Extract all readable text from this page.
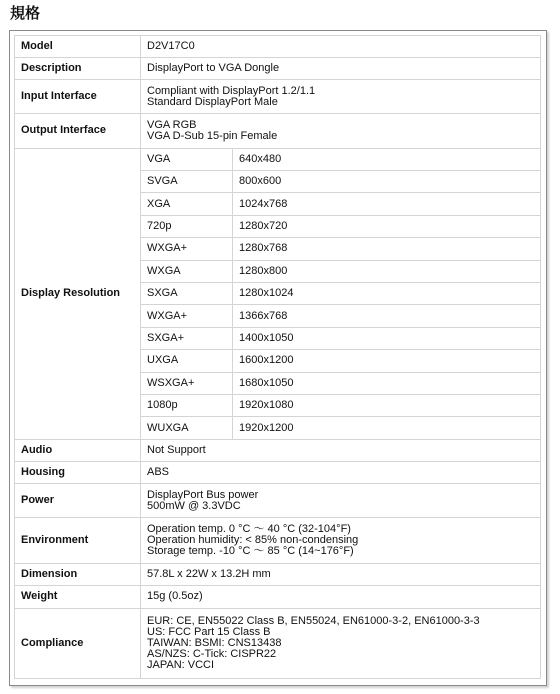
規格
Model	D2V17C0	

Description	DisplayPort to VGA Dongle	

Input Interface	Compliant with DisplayPort 1.2/1.1
Standard DisplayPort Male	

Output Interface	VGA RGB
VGA D-Sub 15-pin Female	

Display Resolution	VGA	640x480
	SVGA	800x600
	XGA	1024x768
	720p	1280x720
	WXGA+	1280x768
	WXGA	1280x800
	SXGA	1280x1024
	WXGA+	1366x768
	SXGA+	1400x1050
	UXGA	1600x1200
	WSXGA+	1680x1050
	1080p	1920x1080
	WUXGA	1920x1200
Audio	Not Support	

Housing	ABS	

Power	DisplayPort Bus power
500mW @ 3.3VDC	

Environment	Operation temp. 0 °C ～ 40 °C (32-104°F)
Operation humidity: < 85% non-condensing
Storage temp. -10 °C ～ 85 °C (14~176°F)	

Dimension	57.8L x 22W x 13.2H mm	

Weight	15g (0.5oz)	

Compliance	EUR: CE, EN55022 Class B, EN55024, EN61000-3-2, EN61000-3-3
US: FCC Part 15 Class B
TAIWAN: BSMI: CNS13438
AS/NZS: C-Tick: CISPR22
JAPAN: VCCI	
